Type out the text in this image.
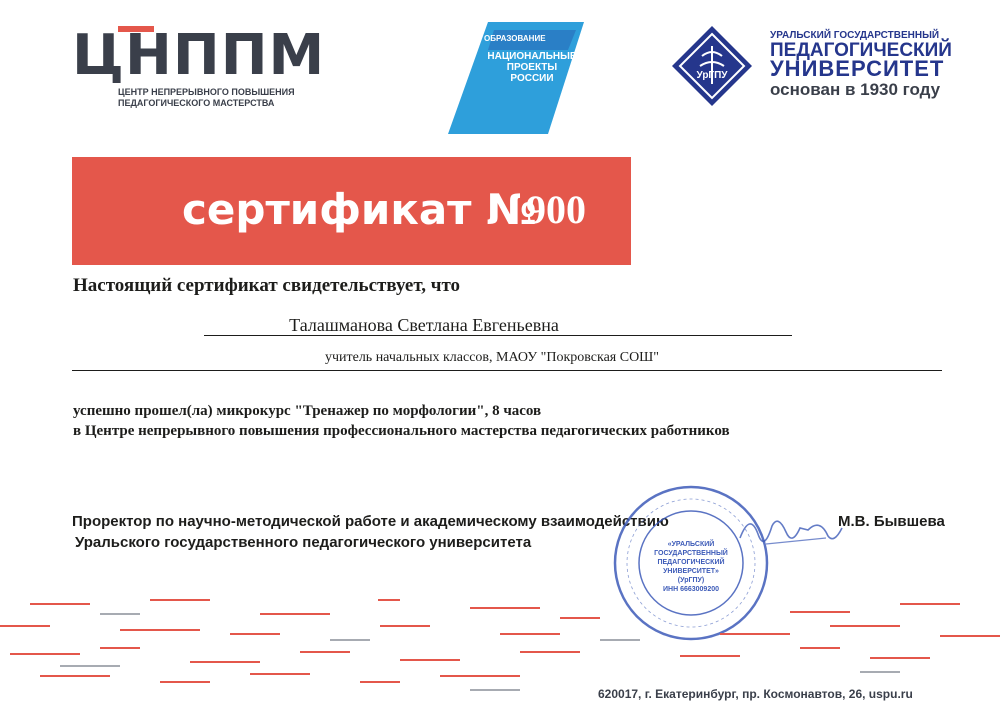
ЦНППМ
ЦЕНТР НЕПРЕРЫВНОГО ПОВЫШЕНИЯ
ПЕДАГОГИЧЕСКОГО МАСТЕРСТВА
ОБРАЗОВАНИЕ
НАЦИОНАЛЬНЫЕ
ПРОЕКТЫ
РОССИИ	УрГПУ
УРАЛЬСКИЙ ГОСУДАРСТВЕННЫЙ
ПЕДАГОГИЧЕСКИЙ
УНИВЕРСИТЕТ
основан в 1930 году
сертификат №
900
Настоящий сертификат свидетельствует, что
Талашманова Светлана Евгеньевна
учитель начальных классов, МАОУ "Покровская СОШ"
успешно прошел(ла) микрокурс "Тренажер по морфологии", 8 часов
в Центре непрерывного повышения профессионального мастерства педагогических работников
Проректор по научно-методической работе и академическому взаимодействию
Уральского государственного педагогического университета
М.В. Бывшева
«УРАЛЬСКИЙ
ГОСУДАРСТВЕННЫЙ
ПЕДАГОГИЧЕСКИЙ
УНИВЕРСИТЕТ»
(УрГПУ)
ИНН 6663009200
620017, г. Екатеринбург, пр. Космонавтов, 26, uspu.ru
